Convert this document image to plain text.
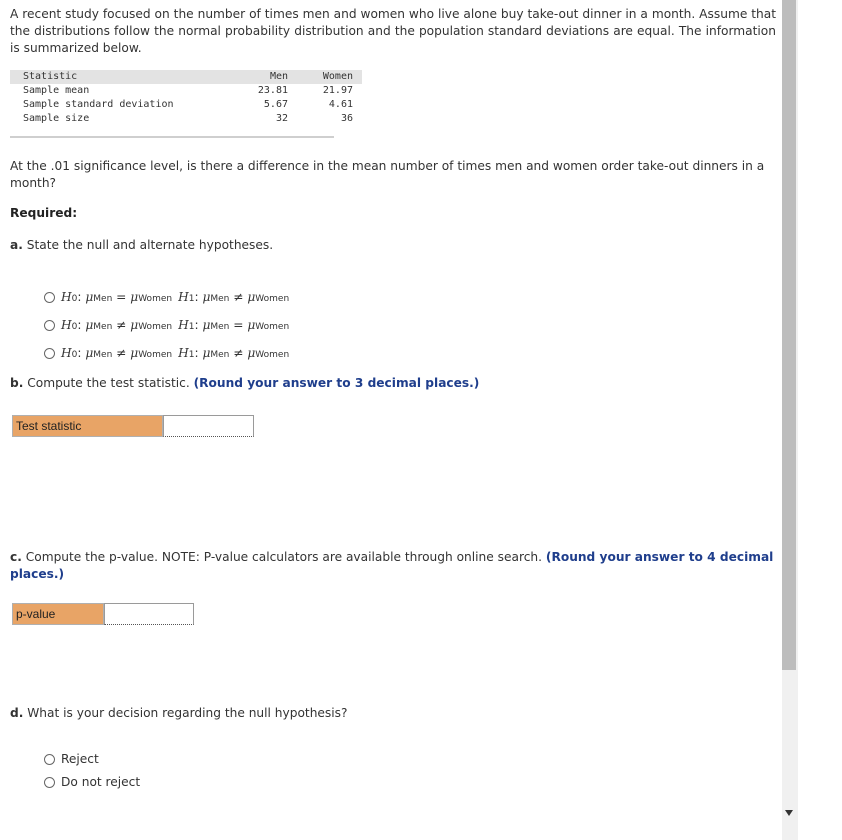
A recent study focused on the number of times men and women who live alone buy take-out dinner in a month. Assume that the distributions follow the normal probability distribution and the population standard deviations are equal. The information is summarized below.

Statistic	Men	Women
Sample mean	23.81	21.97
Sample standard deviation	5.67	4.61
Sample size	32	36

At the .01 significance level, is there a difference in the mean number of times men and women order take-out dinners in a month?

Required:
a. State the null and alternate hypotheses.
H 0 : μ Men
=
μ Women H 1 : μ Men
≠
μ Women
H 0 : μ Men
≠
μ Women H 1 : μ Men
=
μ Women
H 0 : μ Men
≠
μ Women H 1 : μ Men
≠
μ Women
b. Compute the test statistic. (Round your answer to 3 decimal places.)
Test statistic
c. Compute the p-value. NOTE: P-value calculators are available through online search. (Round your answer to 4 decimal places.)
p-value
d. What is your decision regarding the null hypothesis?
Reject
Do not reject
